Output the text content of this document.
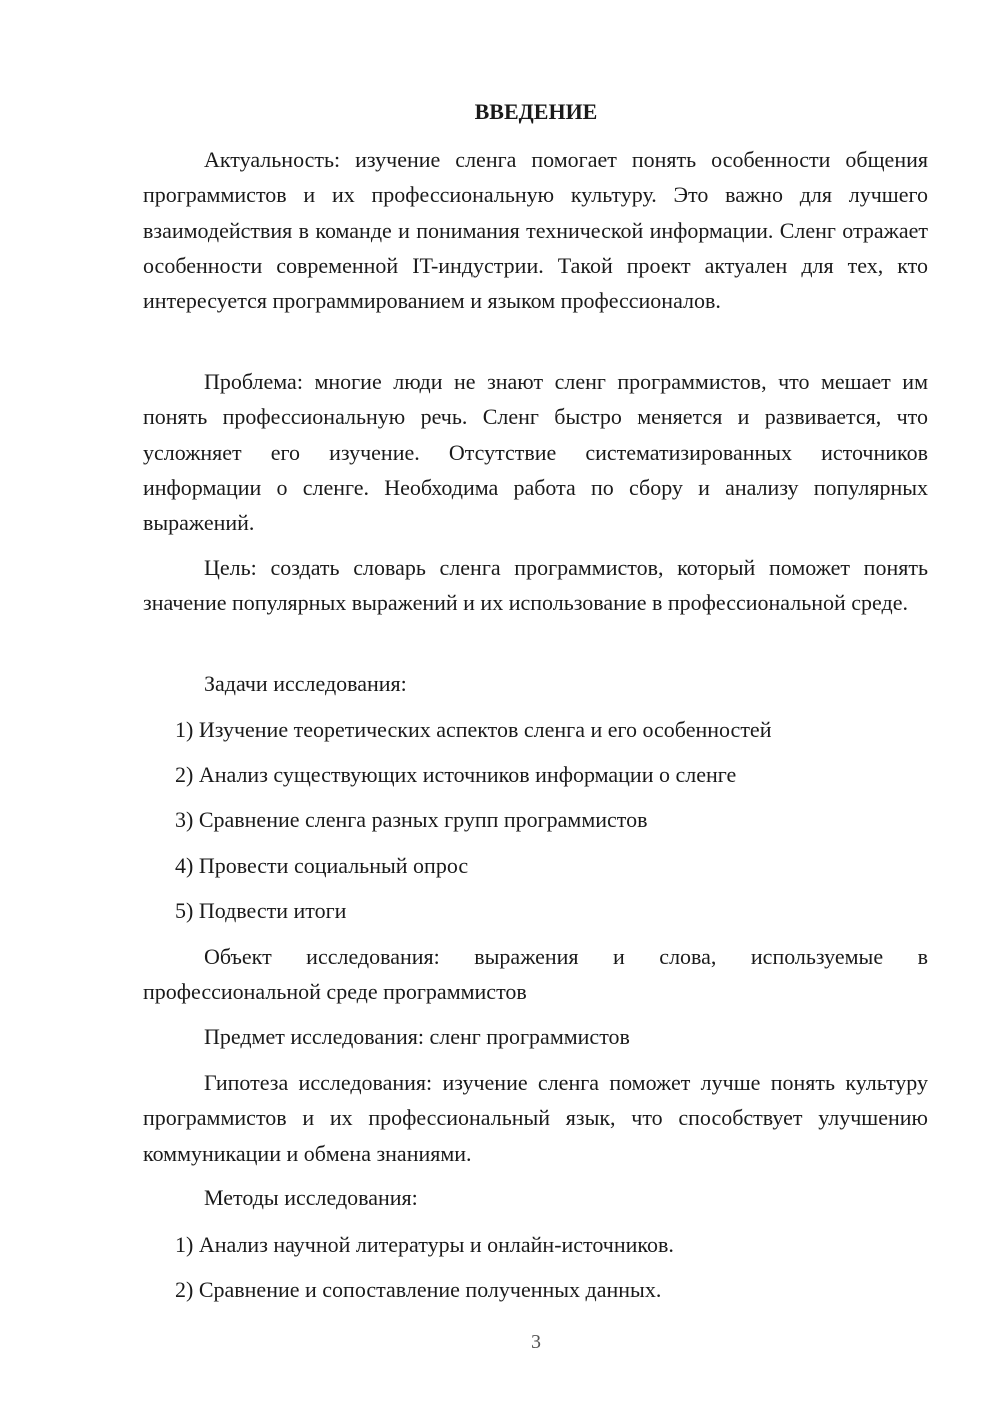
ВВЕДЕНИЕ

Актуальность: изучение сленга помогает понять особенности общения программистов и их профессиональную культуру. Это важно для лучшего взаимодействия в команде и понимания технической информации. Сленг отражает особенности современной IT-индустрии. Такой проект актуален для тех, кто интересуется программированием и языком профессионалов.

Проблема: многие люди не знают сленг программистов, что мешает им понять профессиональную речь. Сленг быстро меняется и развивается, что усложняет его изучение. Отсутствие систематизированных источников информации о сленге. Необходима работа по сбору и анализу популярных выражений.

Цель: создать словарь сленга программистов, который поможет понять значение популярных выражений и их использование в профессиональной среде.

Задачи исследования:

1) Изучение теоретических аспектов сленга и его особенностей

2) Анализ существующих источников информации о сленге

3) Сравнение сленга разных групп программистов

4) Провести социальный опрос

5) Подвести итоги

Объект исследования: выражения и слова, используемые в профессиональной среде программистов

Предмет исследования: сленг программистов

Гипотеза исследования: изучение сленга поможет лучше понять культуру программистов и их профессиональный язык, что способствует улучшению коммуникации и обмена знаниями.

Методы исследования:

1) Анализ научной литературы и онлайн-источников.

2) Сравнение и сопоставление полученных данных.

3
